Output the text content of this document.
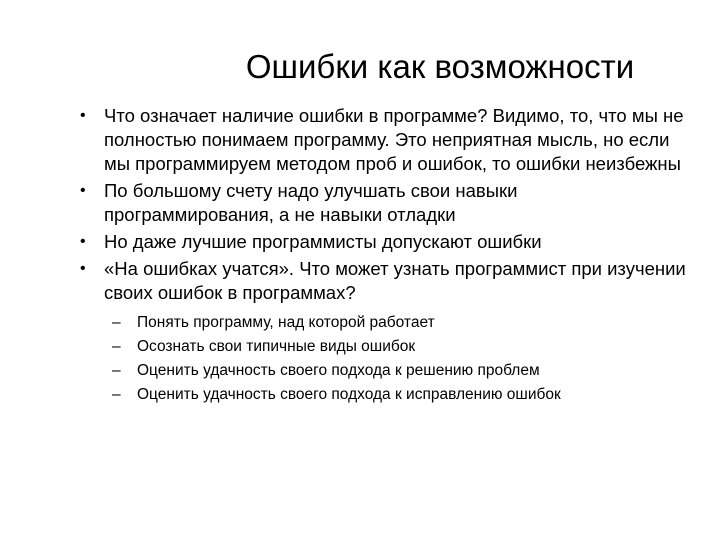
Ошибки как возможности
• Что означает наличие ошибки в программе? Видимо, то, что мы не полностью понимаем программу. Это неприятная мысль, но если мы программируем методом проб и ошибок, то ошибки неизбежны
• По большому счету надо улучшать свои навыки программирования, а не навыки отладки
• Но даже лучшие программисты допускают ошибки
• «На ошибках учатся». Что может узнать программист при изучении своих ошибок в программах?
– Понять программу, над которой работает
– Осознать свои типичные виды ошибок
– Оценить удачность своего подхода к решению проблем
– Оценить удачность своего подхода к исправлению ошибок
